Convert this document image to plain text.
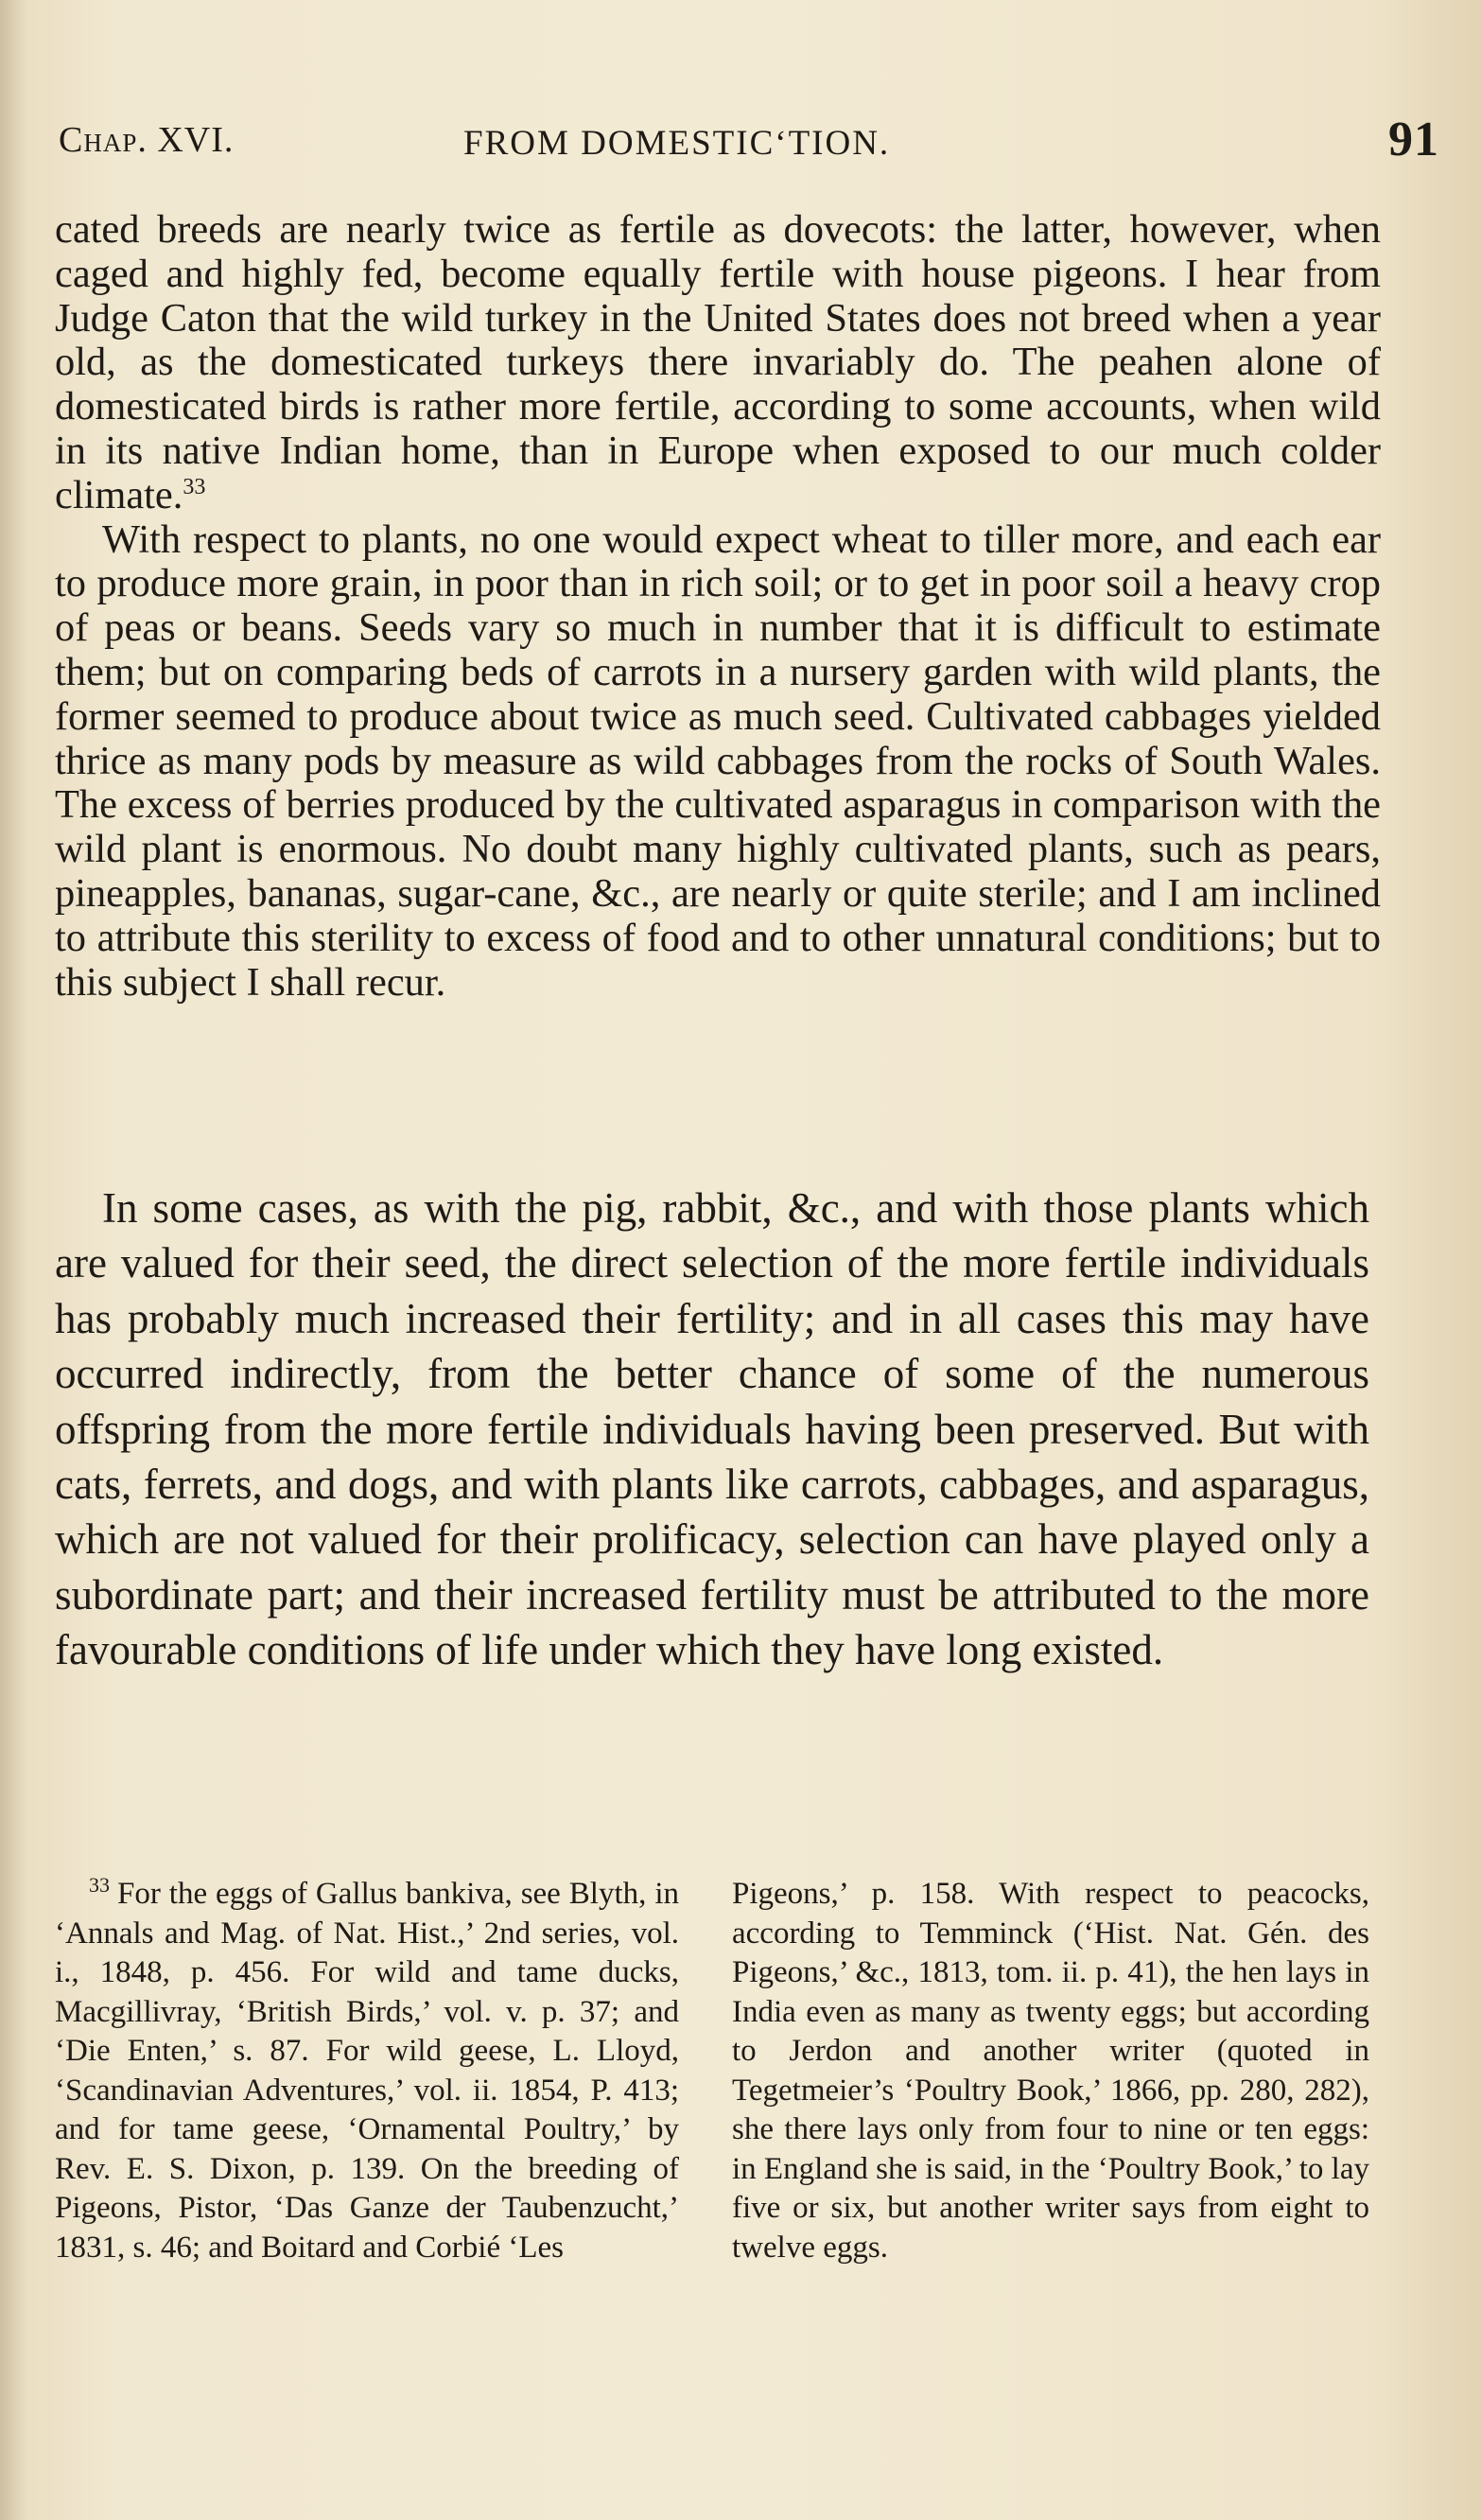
Chap. XVI.	FROM DOMESTIC‘TION.	91

cated breeds are nearly twice as fertile as dovecots: the latter, however, when caged and highly fed, become equally fertile with house pigeons. I hear from Judge Caton that the wild turkey in the United States does not breed when a year old, as the domesticated turkeys there invariably do. The peahen alone of domesticated birds is rather more fertile, according to some accounts, when wild in its native Indian home, than in Europe when exposed to our much colder climate.$^{33}$

With respect to plants, no one would expect wheat to tiller more, and each ear to produce more grain, in poor than in rich soil; or to get in poor soil a heavy crop of peas or beans. Seeds vary so much in number that it is difficult to estimate them; but on comparing beds of carrots in a nursery garden with wild plants, the former seemed to produce about twice as much seed. Cultivated cabbages yielded thrice as many pods by measure as wild cabbages from the rocks of South Wales. The excess of berries produced by the cultivated asparagus in comparison with the wild plant is enormous. No doubt many highly cultivated plants, such as pears, pineapples, bananas, sugar-cane, &c., are nearly or quite sterile; and I am inclined to attribute this sterility to excess of food and to other unnatural conditions; but to this subject I shall recur.

In some cases, as with the pig, rabbit, &c., and with those plants which are valued for their seed, the direct selection of the more fertile individuals has probably much increased their fertility; and in all cases this may have occurred indirectly, from the better chance of some of the numerous offspring from the more fertile individuals having been preserved. But with cats, ferrets, and dogs, and with plants like carrots, cabbages, and asparagus, which are not valued for their prolificacy, selection can have played only a subordinate part; and their increased fertility must be attributed to the more favourable conditions of life under which they have long existed.

$^{33}$ For the eggs of Gallus bankiva, see Blyth, in ‘Annals and Mag. of Nat. Hist.,’ 2nd series, vol. i., 1848, p. 456. For wild and tame ducks, Macgillivray, ‘British Birds,’ vol. v. p. 37; and ‘Die Enten,’ s. 87. For wild geese, L. Lloyd, ‘Scandinavian Adventures,’ vol. ii. 1854, P. 413; and for tame geese, ‘Ornamental Poultry,’ by Rev. E. S. Dixon, p. 139. On the breeding of Pigeons, Pistor, ‘Das Ganze der Taubenzucht,’ 1831, s. 46; and Boitard and Corbié ‘Les

Pigeons,’ p. 158. With respect to peacocks, according to Temminck (‘Hist. Nat. Gén. des Pigeons,’ &c., 1813, tom. ii. p. 41), the hen lays in India even as many as twenty eggs; but according to Jerdon and another writer (quoted in Tegetmeier’s ‘Poultry Book,’ 1866, pp. 280, 282), she there lays only from four to nine or ten eggs: in England she is said, in the ‘Poultry Book,’ to lay five or six, but another writer says from eight to twelve eggs.
